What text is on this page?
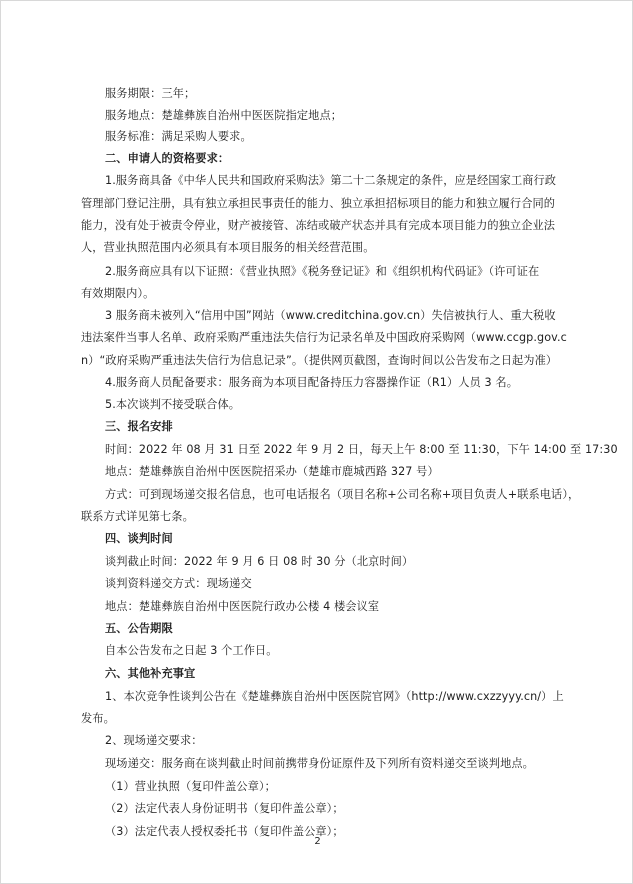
服务期限：三年；
服务地点：楚雄彝族自治州中医医院指定地点；
服务标准：满足采购人要求。
二、申请人的资格要求：
1.服务商具备《中华人民共和国政府采购法》第二十二条规定的条件，应是经国家工商行政
管理部门登记注册，具有独立承担民事责任的能力、独立承担招标项目的能力和独立履行合同的
能力，没有处于被责令停业，财产被接管、冻结或破产状态并具有完成本项目能力的独立企业法
人，营业执照范围内必须具有本项目服务的相关经营范围。
2.服务商应具有以下证照：《营业执照》《税务登记证》和《组织机构代码证》（许可证在
有效期限内）。
3 服务商未被列入“信用中国”网站（www.creditchina.gov.cn）失信被执行人、重大税收
违法案件当事人名单、政府采购严重违法失信行为记录名单及中国政府采购网（www.ccgp.gov.c
n）“政府采购严重违法失信行为信息记录”。（提供网页截图，查询时间以公告发布之日起为准）
4.服务商人员配备要求：服务商为本项目配备持压力容器操作证（R1）人员 3 名。
5.本次谈判不接受联合体。
三、报名安排
时间：2022 年 08 月 31 日至 2022 年 9 月 2 日，每天上午 8:00 至 11:30，下午 14:00 至 17:30
地点：楚雄彝族自治州中医医院招采办（楚雄市鹿城西路 327 号）
方式：可到现场递交报名信息，也可电话报名（项目名称+公司名称+项目负责人+联系电话），
联系方式详见第七条。
四、谈判时间
谈判截止时间：2022 年 9 月 6 日 08 时 30 分（北京时间）
谈判资料递交方式：现场递交
地点：楚雄彝族自治州中医医院行政办公楼 4 楼会议室
五、公告期限
自本公告发布之日起 3 个工作日。
六、其他补充事宜
1、本次竞争性谈判公告在《楚雄彝族自治州中医医院官网》（http://www.cxzzyyy.cn/）上
发布。
2、现场递交要求：
现场递交：服务商在谈判截止时间前携带身份证原件及下列所有资料递交至谈判地点。
（1）营业执照（复印件盖公章）；
（2）法定代表人身份证明书（复印件盖公章）；
（3）法定代表人授权委托书（复印件盖公章）；
2
